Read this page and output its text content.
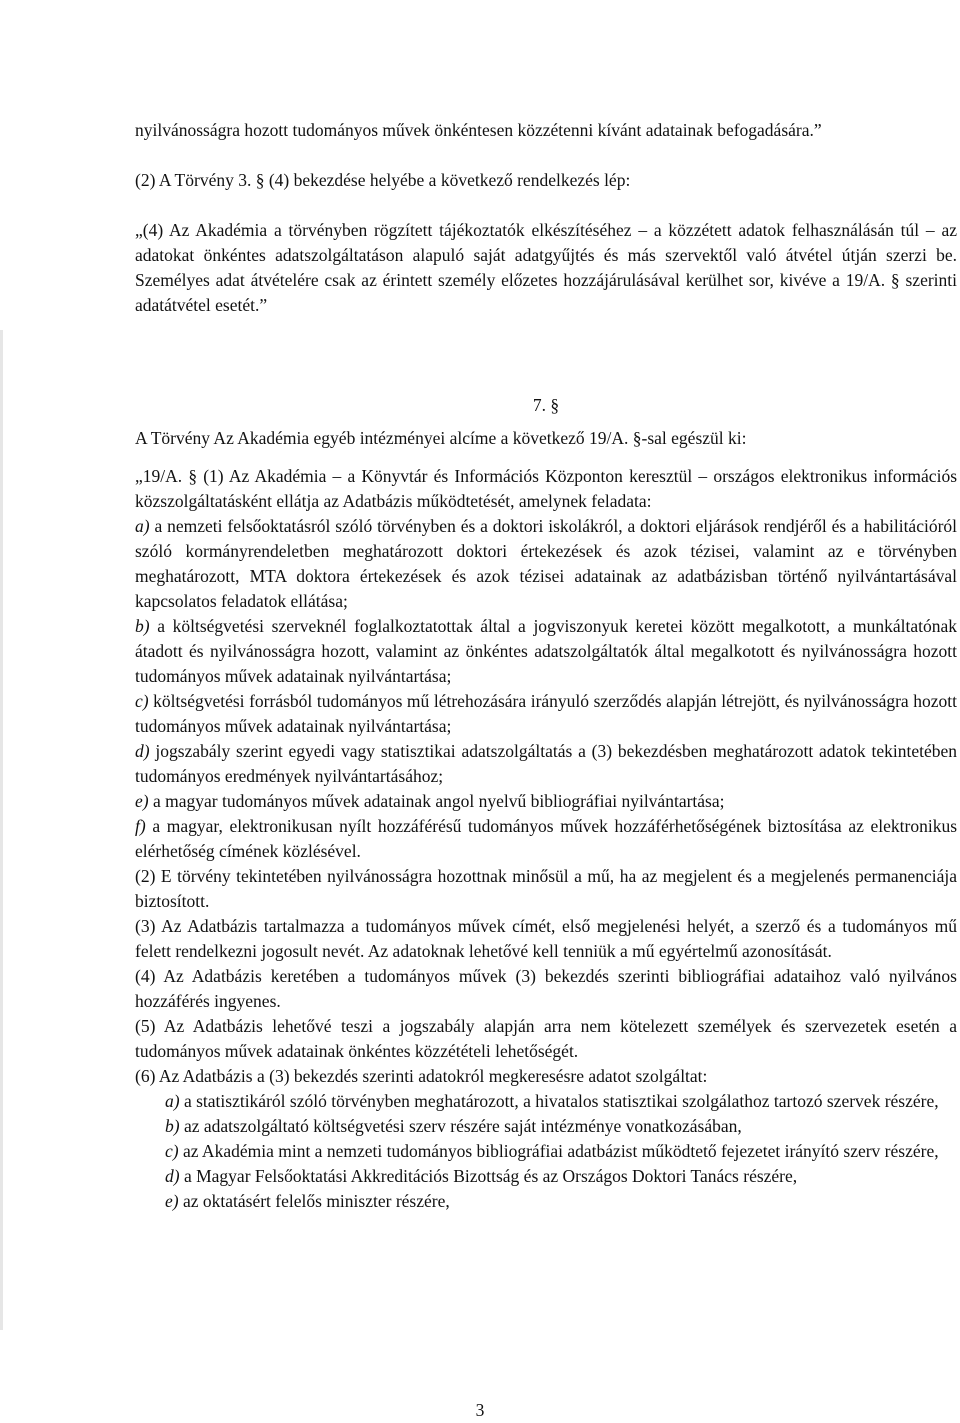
nyilvánosságra hozott tudományos művek önkéntesen közzétenni kívánt adatainak befogadására.”

(2) A Törvény 3. § (4) bekezdése helyébe a következő rendelkezés lép:

„(4) Az Akadémia a törvényben rögzített tájékoztatók elkészítéséhez – a közzétett adatok felhasználásán túl – az adatokat önkéntes adatszolgáltatáson alapuló saját adatgyűjtés és más szervektől való átvétel útján szerzi be. Személyes adat átvételére csak az érintett személy előzetes hozzájárulásával kerülhet sor, kivéve a 19/A. § szerinti adatátvétel esetét.”

7. §

A Törvény Az Akadémia egyéb intézményei alcíme a következő 19/A. §-sal egészül ki:

„19/A. § (1) Az Akadémia – a Könyvtár és Információs Központon keresztül – országos elektronikus információs közszolgáltatásként ellátja az Adatbázis működtetését, amelynek feladata:

a) a nemzeti felsőoktatásról szóló törvényben és a doktori iskolákról, a doktori eljárások rendjéről és a habilitációról szóló kormányrendeletben meghatározott doktori értekezések és azok tézisei, valamint az e törvényben meghatározott, MTA doktora értekezések és azok tézisei adatainak az adatbázisban történő nyilvántartásával kapcsolatos feladatok ellátása;

b) a költségvetési szerveknél foglalkoztatottak által a jogviszonyuk keretei között megalkotott, a munkáltatónak átadott és nyilvánosságra hozott, valamint az önkéntes adatszolgáltatók által megalkotott és nyilvánosságra hozott tudományos művek adatainak nyilvántartása;

c) költségvetési forrásból tudományos mű létrehozására irányuló szerződés alapján létrejött, és nyilvánosságra hozott tudományos művek adatainak nyilvántartása;

d) jogszabály szerint egyedi vagy statisztikai adatszolgáltatás a (3) bekezdésben meghatározott adatok tekintetében tudományos eredmények nyilvántartásához;

e) a magyar tudományos művek adatainak angol nyelvű bibliográfiai nyilvántartása;

f) a magyar, elektronikusan nyílt hozzáférésű tudományos művek hozzáférhetőségének biztosítása az elektronikus elérhetőség címének közlésével.

(2) E törvény tekintetében nyilvánosságra hozottnak minősül a mű, ha az megjelent és a megjelenés permanenciája biztosított.

(3) Az Adatbázis tartalmazza a tudományos művek címét, első megjelenési helyét, a szerző és a tudományos mű felett rendelkezni jogosult nevét. Az adatoknak lehetővé kell tenniük a mű egyértelmű azonosítását.

(4) Az Adatbázis keretében a tudományos művek (3) bekezdés szerinti bibliográfiai adataihoz való nyilvános hozzáférés ingyenes.

(5) Az Adatbázis lehetővé teszi a jogszabály alapján arra nem kötelezett személyek és szervezetek esetén a tudományos művek adatainak önkéntes közzétételi lehetőségét.

(6) Az Adatbázis a (3) bekezdés szerinti adatokról megkeresésre adatot szolgáltat:

a) a statisztikáról szóló törvényben meghatározott, a hivatalos statisztikai szolgálathoz tartozó szervek részére,

b) az adatszolgáltató költségvetési szerv részére saját intézménye vonatkozásában,

c) az Akadémia mint a nemzeti tudományos bibliográfiai adatbázist működtető fejezetet irányító szerv részére,

d) a Magyar Felsőoktatási Akkreditációs Bizottság és az Országos Doktori Tanács részére,

e) az oktatásért felelős miniszter részére,

3
